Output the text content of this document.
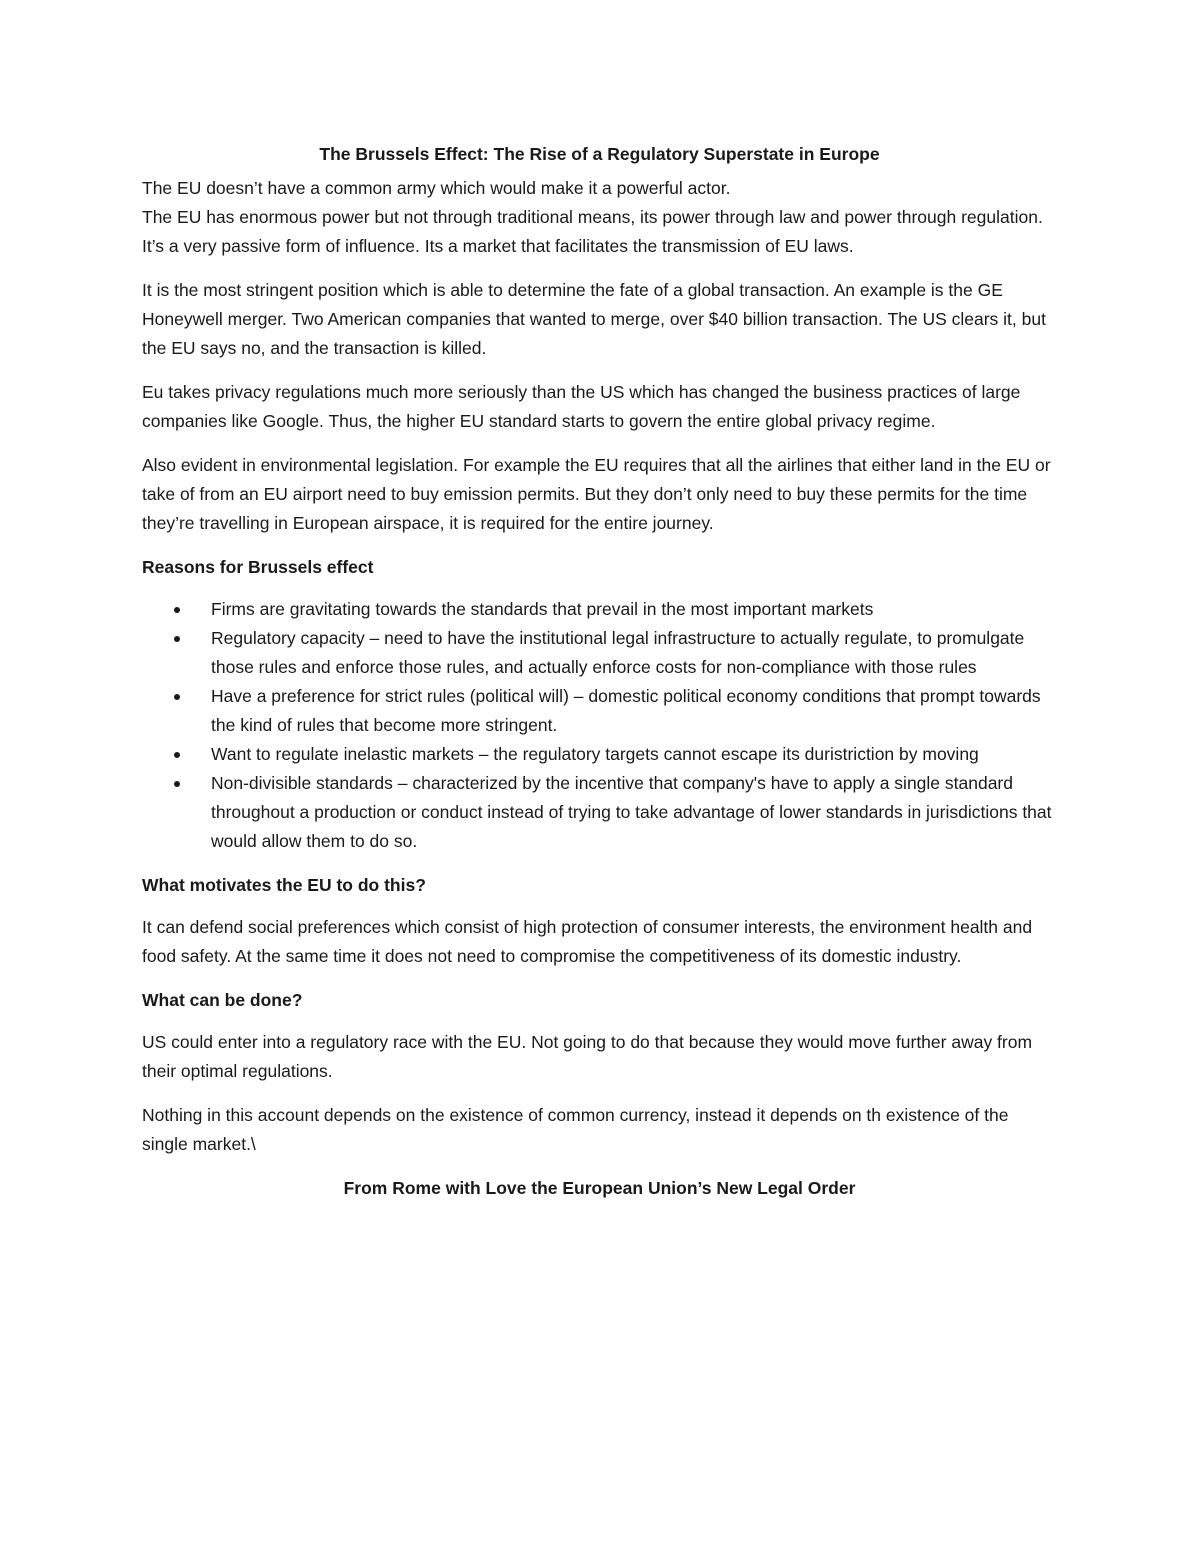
The Brussels Effect: The Rise of a Regulatory Superstate in Europe

The EU doesn’t have a common army which would make it a powerful actor.
The EU has enormous power but not through traditional means, its power through law and power through regulation. It’s a very passive form of influence. Its a market that facilitates the transmission of EU laws.

It is the most stringent position which is able to determine the fate of a global transaction. An example is the GE Honeywell merger. Two American companies that wanted to merge, over $40 billion transaction. The US clears it, but the EU says no, and the transaction is killed.

Eu takes privacy regulations much more seriously than the US which has changed the business practices of large companies like Google. Thus, the higher EU standard starts to govern the entire global privacy regime.

Also evident in environmental legislation. For example the EU requires that all the airlines that either land in the EU or take of from an EU airport need to buy emission permits. But they don’t only need to buy these permits for the time they’re travelling in European airspace, it is required for the entire journey.

Reasons for Brussels effect
Firms are gravitating towards the standards that prevail in the most important markets
Regulatory capacity – need to have the institutional legal infrastructure to actually regulate, to promulgate those rules and enforce those rules, and actually enforce costs for non-compliance with those rules
Have a preference for strict rules (political will) – domestic political economy conditions that prompt towards the kind of rules that become more stringent.
Want to regulate inelastic markets – the regulatory targets cannot escape its duristriction by moving
Non-divisible standards – characterized by the incentive that company's have to apply a single standard throughout a production or conduct instead of trying to take advantage of lower standards in jurisdictions that would allow them to do so.
What motivates the EU to do this?

It can defend social preferences which consist of high protection of consumer interests, the environment health and food safety. At the same time it does not need to compromise the competitiveness of its domestic industry.

What can be done?

US could enter into a regulatory race with the EU. Not going to do that because they would move further away from their optimal regulations.

Nothing in this account depends on the existence of common currency, instead it depends on th existence of the single market.\

From Rome with Love the European Union’s New Legal Order
